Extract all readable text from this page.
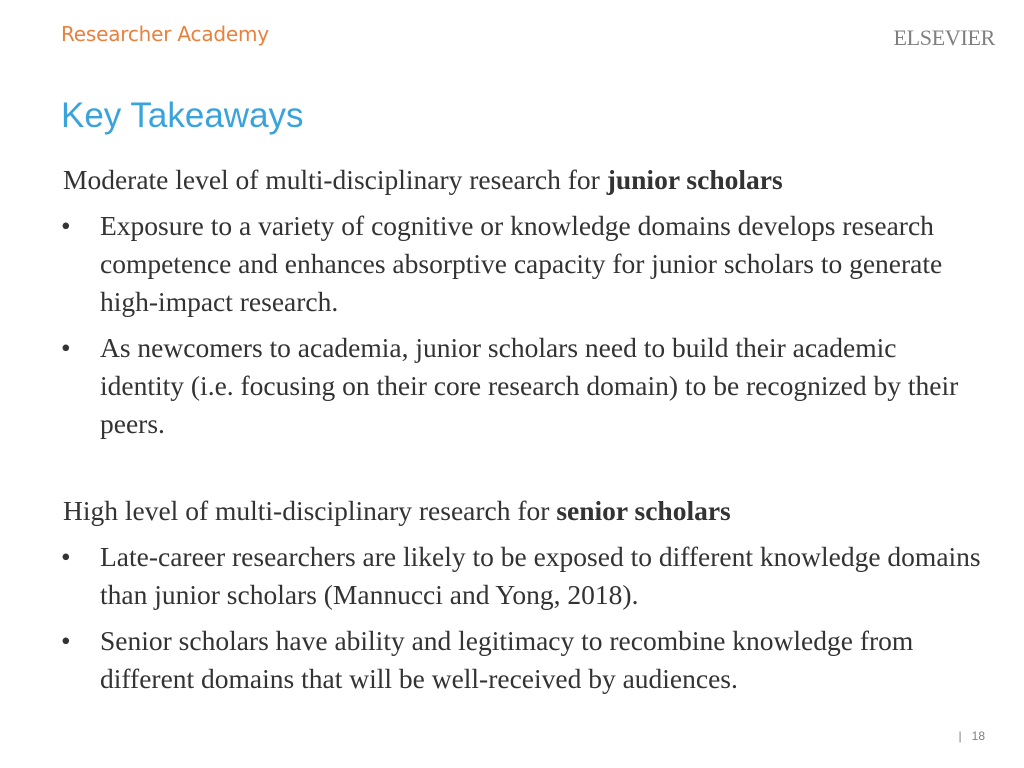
Researcher Academy	ELSEVIER
Key Takeaways

Moderate level of multi-disciplinary research for junior scholars

• Exposure to a variety of cognitive or knowledge domains develops research competence and enhances absorptive capacity for junior scholars to generate high-impact research.
• As newcomers to academia, junior scholars need to build their academic identity (i.e. focusing on their core research domain) to be recognized by their peers.

High level of multi-disciplinary research for senior scholars

• Late-career researchers are likely to be exposed to different knowledge domains than junior scholars (Mannucci and Yong, 2018).
• Senior scholars have ability and legitimacy to recombine knowledge from different domains that will be well-received by audiences.
| 18
